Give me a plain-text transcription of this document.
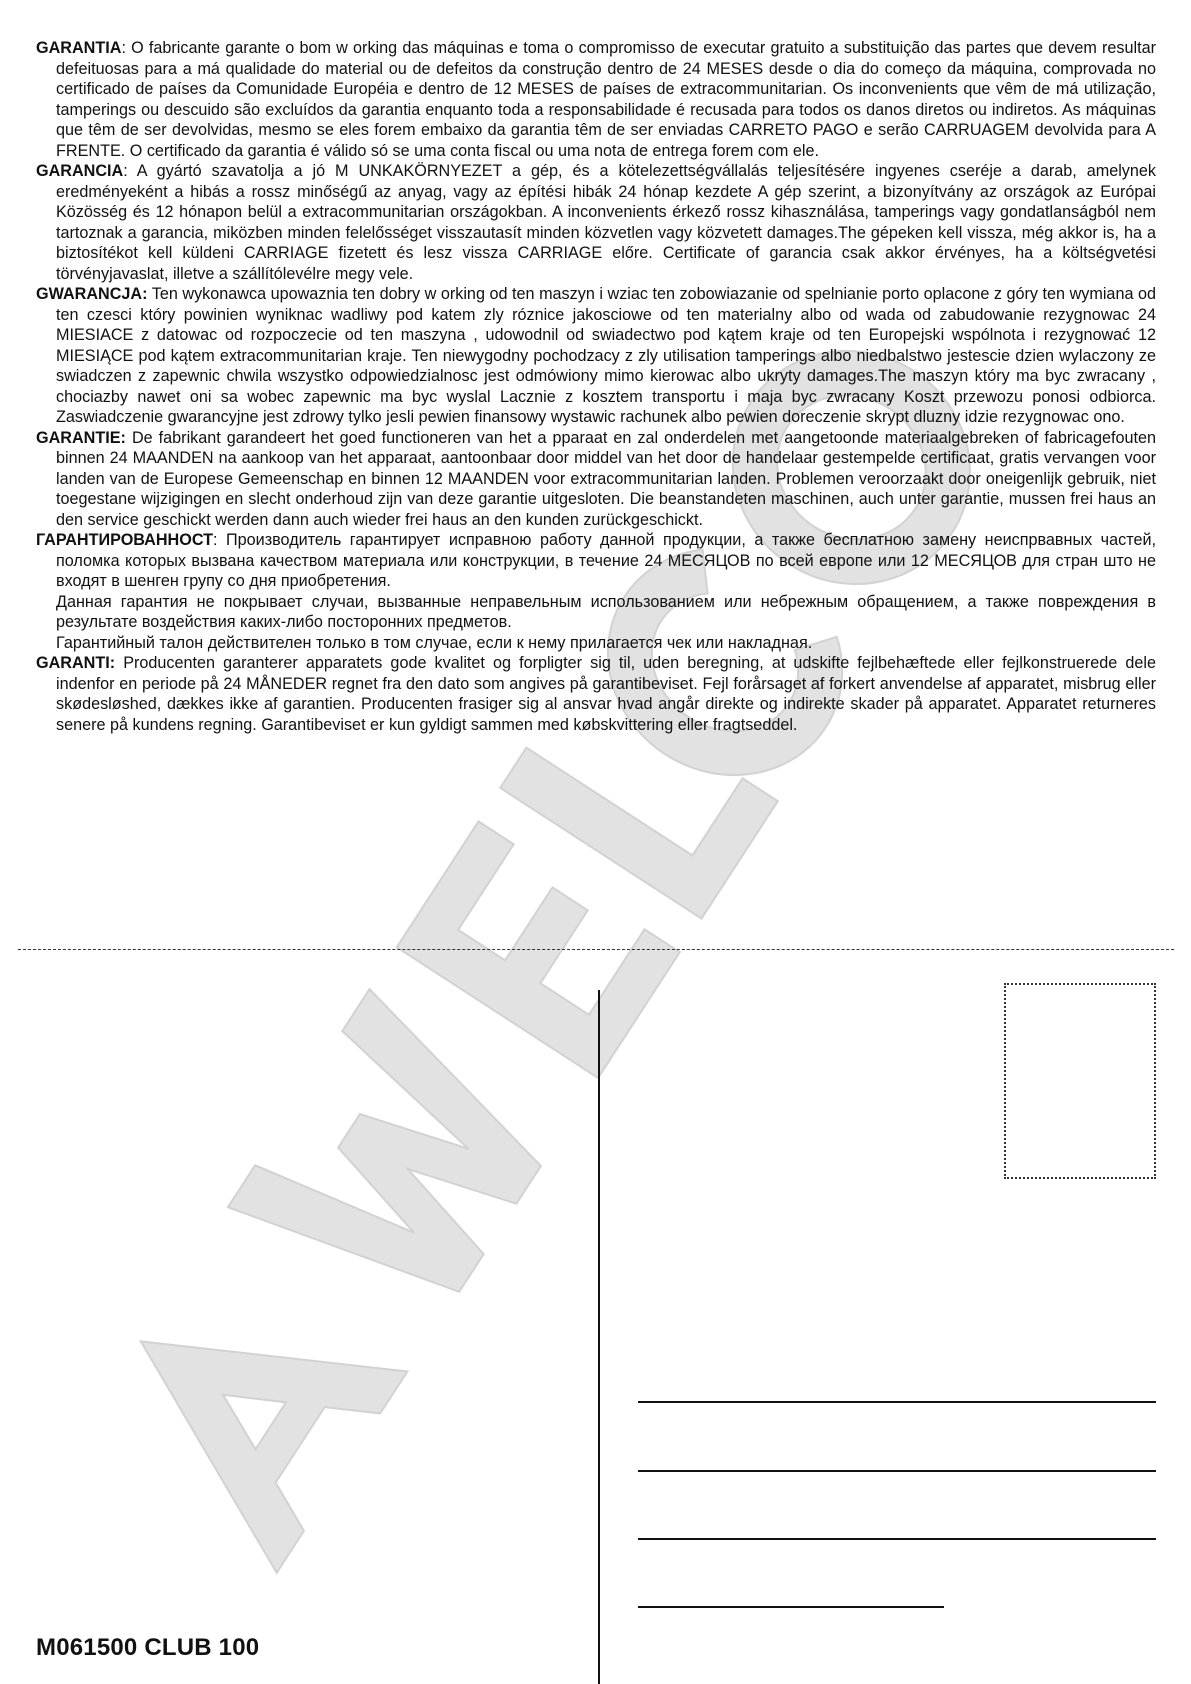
GARANTIA: O fabricante garante o bom w orking das máquinas e toma o compromisso de executar gratuito a substituição das partes que devem resultar defeituosas para a má qualidade do material ou de defeitos da construção dentro de 24 MESES desde o dia do começo da máquina, comprovada no certificado de países da Comunidade Européia e dentro de 12 MESES de países de extracommunitarian. Os inconvenients que vêm de má utilização, tamperings ou descuido são excluídos da garantia enquanto toda a responsabilidade é recusada para todos os danos diretos ou indiretos. As máquinas que têm de ser devolvidas, mesmo se eles forem embaixo da garantia têm de ser enviadas CARRETO PAGO e serão CARRUAGEM devolvida para A FRENTE. O certificado da garantia é válido só se uma conta fiscal ou uma nota de entrega forem com ele.

GARANCIA: A gyártó szavatolja a jó M UNKAKÖRNYEZET a gép, és a kötelezettségvállalás teljesítésére ingyenes cseréje a darab, amelynek eredményeként a hibás a rossz minőségű az anyag, vagy az építési hibák 24 hónap kezdete A gép szerint, a bizonyítvány az országok az Európai Közösség és 12 hónapon belül a extracommunitarian országokban. A inconvenients érkező rossz kihasználása, tamperings vagy gondatlanságból nem tartoznak a garancia, miközben minden felelősséget visszautasít minden közvetlen vagy közvetett damages.The gépeken kell vissza, még akkor is, ha a biztosítékot kell küldeni CARRIAGE fizetett és lesz vissza CARRIAGE előre. Certificate of garancia csak akkor érvényes, ha a költségvetési törvényjavaslat, illetve a szállítólevélre megy vele.

GWARANCJA: Ten wykonawca upowaznia ten dobry w orking od ten maszyn i wziac ten zobowiazanie od spelnianie porto oplacone z góry ten wymiana od ten czesci który powinien wyniknac wadliwy pod katem zly róznice jakosciowe od ten materialny albo od wada od zabudowanie rezygnowac 24 MIESIACE z datowac od rozpoczecie od ten maszyna , udowodnil od swiadectwo pod kątem kraje od ten Europejski wspólnota i rezygnować 12 MIESIĄCE pod kątem extracommunitarian kraje. Ten niewygodny pochodzacy z zly utilisation tamperings albo niedbalstwo jestescie dzien wylaczony ze swiadczen z zapewnic chwila wszystko odpowiedzialnosc jest odmówiony mimo kierowac albo ukryty damages.The maszyn który ma byc zwracany , chociazby nawet oni sa wobec zapewnic ma byc wyslal Lacznie z kosztem transportu i maja byc zwracany Koszt przewozu ponosi odbiorca. Zaswiadczenie gwarancyjne jest zdrowy tylko jesli pewien finansowy wystawic rachunek albo pewien doreczenie skrypt dluzny idzie rezygnowac ono.

GARANTIE: De fabrikant garandeert het goed functioneren van het a pparaat en zal onderdelen met aangetoonde materiaalgebreken of fabricagefouten binnen 24 MAANDEN na aankoop van het apparaat, aantoonbaar door middel van het door de handelaar gestempelde certificaat, gratis vervangen voor landen van de Europese Gemeenschap en binnen 12 MAANDEN voor extracommunitarian landen. Problemen veroorzaakt door oneigenlijk gebruik, niet toegestane wijzigingen en slecht onderhoud zijn van deze garantie uitgesloten. Die beanstandeten maschinen, auch unter garantie, mussen frei haus an den service geschickt werden dann auch wieder frei haus an den kunden zurückgeschickt.

ГАРАНТИРОВАННОСТ: Производитель гарантирует исправною работу данной продукции, а также бесплатною замену неиспрвавных частей, поломка которых вызвана качеством материала или конструкции, в течение 24 МЕСЯЦОВ по всей европе или 12 МЕСЯЦОВ для стран што не входят в шенген групу со дня приобретения.

Данная гарантия не покрывает случаи, вызванные неправельным использованием или небрежным обращением, а также повреждения в результате воздействия каких-либо посторонних предметов.

Гарантийный талон действителен только в том случае, если к нему прилагается чек или накладная.

GARANTI: Producenten garanterer apparatets gode kvalitet og forpligter sig til, uden beregning, at udskifte fejlbehæftede eller fejlkonstruerede dele indenfor en periode på 24 MÅNEDER regnet fra den dato som angives på garantibeviset. Fejl forårsaget af forkert anvendelse af apparatet, misbrug eller skødesløshed, dækkes ikke af garantien. Producenten frasiger sig al ansvar hvad angår direkte og indirekte skader på apparatet. Apparatet returneres senere på kundens regning. Garantibeviset er kun gyldigt sammen med købskvittering eller fragtseddel.

M061500 CLUB 100
